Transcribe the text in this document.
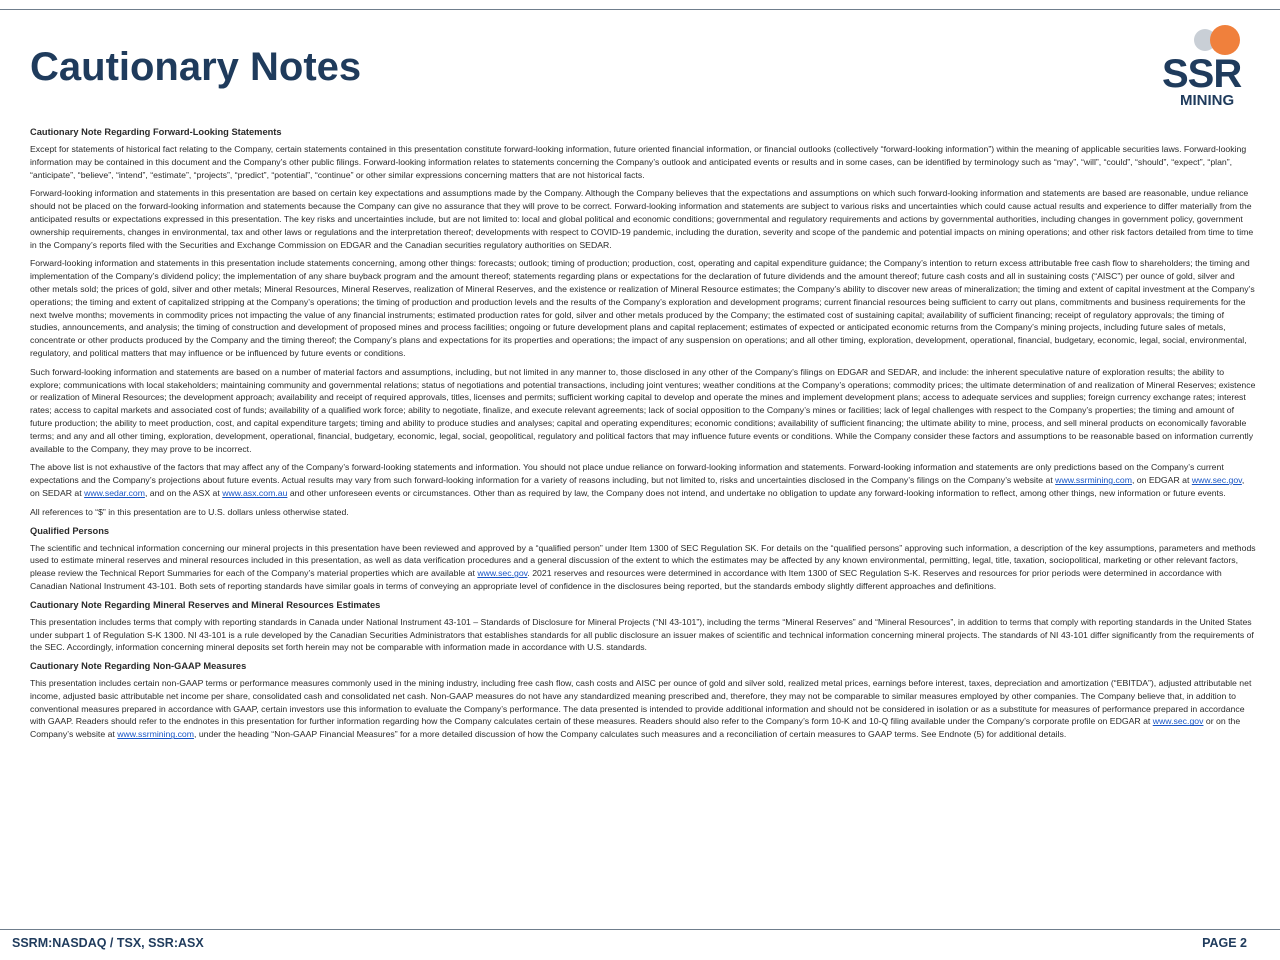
Cautionary Notes	SSR
MINING
Cautionary Note Regarding Forward-Looking Statements

Except for statements of historical fact relating to the Company, certain statements contained in this presentation constitute forward-looking information, future oriented financial information, or financial outlooks (collectively “forward-looking information”) within the meaning of applicable securities laws. Forward-looking information may be contained in this document and the Company’s other public filings. Forward-looking information relates to statements concerning the Company’s outlook and anticipated events or results and in some cases, can be identified by terminology such as “may”, “will”, “could”, “should”, “expect”, “plan”, “anticipate”, “believe”, “intend”, “estimate”, “projects”, “predict”, “potential”, “continue” or other similar expressions concerning matters that are not historical facts.

Forward-looking information and statements in this presentation are based on certain key expectations and assumptions made by the Company. Although the Company believes that the expectations and assumptions on which such forward-looking information and statements are based are reasonable, undue reliance should not be placed on the forward-looking information and statements because the Company can give no assurance that they will prove to be correct. Forward-looking information and statements are subject to various risks and uncertainties which could cause actual results and experience to differ materially from the anticipated results or expectations expressed in this presentation. The key risks and uncertainties include, but are not limited to: local and global political and economic conditions; governmental and regulatory requirements and actions by governmental authorities, including changes in government policy, government ownership requirements, changes in environmental, tax and other laws or regulations and the interpretation thereof; developments with respect to COVID-19 pandemic, including the duration, severity and scope of the pandemic and potential impacts on mining operations; and other risk factors detailed from time to time in the Company’s reports filed with the Securities and Exchange Commission on EDGAR and the Canadian securities regulatory authorities on SEDAR.

Forward-looking information and statements in this presentation include statements concerning, among other things: forecasts; outlook; timing of production; production, cost, operating and capital expenditure guidance; the Company’s intention to return excess attributable free cash flow to shareholders; the timing and implementation of the Company’s dividend policy; the implementation of any share buyback program and the amount thereof; statements regarding plans or expectations for the declaration of future dividends and the amount thereof; future cash costs and all in sustaining costs (“AISC”) per ounce of gold, silver and other metals sold; the prices of gold, silver and other metals; Mineral Resources, Mineral Reserves, realization of Mineral Reserves, and the existence or realization of Mineral Resource estimates; the Company’s ability to discover new areas of mineralization; the timing and extent of capital investment at the Company’s operations; the timing and extent of capitalized stripping at the Company’s operations; the timing of production and production levels and the results of the Company’s exploration and development programs; current financial resources being sufficient to carry out plans, commitments and business requirements for the next twelve months; movements in commodity prices not impacting the value of any financial instruments; estimated production rates for gold, silver and other metals produced by the Company; the estimated cost of sustaining capital; availability of sufficient financing; receipt of regulatory approvals; the timing of studies, announcements, and analysis; the timing of construction and development of proposed mines and process facilities; ongoing or future development plans and capital replacement; estimates of expected or anticipated economic returns from the Company’s mining projects, including future sales of metals, concentrate or other products produced by the Company and the timing thereof; the Company’s plans and expectations for its properties and operations; the impact of any suspension on operations; and all other timing, exploration, development, operational, financial, budgetary, economic, legal, social, environmental, regulatory, and political matters that may influence or be influenced by future events or conditions.

Such forward-looking information and statements are based on a number of material factors and assumptions, including, but not limited in any manner to, those disclosed in any other of the Company’s filings on EDGAR and SEDAR, and include: the inherent speculative nature of exploration results; the ability to explore; communications with local stakeholders; maintaining community and governmental relations; status of negotiations and potential transactions, including joint ventures; weather conditions at the Company’s operations; commodity prices; the ultimate determination of and realization of Mineral Reserves; existence or realization of Mineral Resources; the development approach; availability and receipt of required approvals, titles, licenses and permits; sufficient working capital to develop and operate the mines and implement development plans; access to adequate services and supplies; foreign currency exchange rates; interest rates; access to capital markets and associated cost of funds; availability of a qualified work force; ability to negotiate, finalize, and execute relevant agreements; lack of social opposition to the Company’s mines or facilities; lack of legal challenges with respect to the Company’s properties; the timing and amount of future production; the ability to meet production, cost, and capital expenditure targets; timing and ability to produce studies and analyses; capital and operating expenditures; economic conditions; availability of sufficient financing; the ultimate ability to mine, process, and sell mineral products on economically favorable terms; and any and all other timing, exploration, development, operational, financial, budgetary, economic, legal, social, geopolitical, regulatory and political factors that may influence future events or conditions. While the Company consider these factors and assumptions to be reasonable based on information currently available to the Company, they may prove to be incorrect.

The above list is not exhaustive of the factors that may affect any of the Company’s forward-looking statements and information. You should not place undue reliance on forward-looking information and statements. Forward-looking information and statements are only predictions based on the Company’s current expectations and the Company’s projections about future events. Actual results may vary from such forward-looking information for a variety of reasons including, but not limited to, risks and uncertainties disclosed in the Company’s filings on the Company’s website at www.ssrmining.com, on EDGAR at www.sec.gov, on SEDAR at www.sedar.com, and on the ASX at www.asx.com.au and other unforeseen events or circumstances. Other than as required by law, the Company does not intend, and undertake no obligation to update any forward-looking information to reflect, among other things, new information or future events.

All references to “$” in this presentation are to U.S. dollars unless otherwise stated.

Qualified Persons

The scientific and technical information concerning our mineral projects in this presentation have been reviewed and approved by a “qualified person” under Item 1300 of SEC Regulation SK. For details on the “qualified persons” approving such information, a description of the key assumptions, parameters and methods used to estimate mineral reserves and mineral resources included in this presentation, as well as data verification procedures and a general discussion of the extent to which the estimates may be affected by any known environmental, permitting, legal, title, taxation, sociopolitical, marketing or other relevant factors, please review the Technical Report Summaries for each of the Company’s material properties which are available at www.sec.gov. 2021 reserves and resources were determined in accordance with Item 1300 of SEC Regulation S-K. Reserves and resources for prior periods were determined in accordance with Canadian National Instrument 43-101. Both sets of reporting standards have similar goals in terms of conveying an appropriate level of confidence in the disclosures being reported, but the standards embody slightly different approaches and definitions.

Cautionary Note Regarding Mineral Reserves and Mineral Resources Estimates

This presentation includes terms that comply with reporting standards in Canada under National Instrument 43-101 – Standards of Disclosure for Mineral Projects (“NI 43-101”), including the terms “Mineral Reserves” and “Mineral Resources”, in addition to terms that comply with reporting standards in the United States under subpart 1 of Regulation S-K 1300. NI 43-101 is a rule developed by the Canadian Securities Administrators that establishes standards for all public disclosure an issuer makes of scientific and technical information concerning mineral projects. The standards of NI 43-101 differ significantly from the requirements of the SEC. Accordingly, information concerning mineral deposits set forth herein may not be comparable with information made in accordance with U.S. standards.

Cautionary Note Regarding Non-GAAP Measures

This presentation includes certain non-GAAP terms or performance measures commonly used in the mining industry, including free cash flow, cash costs and AISC per ounce of gold and silver sold, realized metal prices, earnings before interest, taxes, depreciation and amortization (“EBITDA”), adjusted attributable net income, adjusted basic attributable net income per share, consolidated cash and consolidated net cash. Non-GAAP measures do not have any standardized meaning prescribed and, therefore, they may not be comparable to similar measures employed by other companies. The Company believe that, in addition to conventional measures prepared in accordance with GAAP, certain investors use this information to evaluate the Company’s performance. The data presented is intended to provide additional information and should not be considered in isolation or as a substitute for measures of performance prepared in accordance with GAAP. Readers should refer to the endnotes in this presentation for further information regarding how the Company calculates certain of these measures. Readers should also refer to the Company’s form 10-K and 10-Q filing available under the Company’s corporate profile on EDGAR at www.sec.gov or on the Company’s website at www.ssrmining.com, under the heading “Non-GAAP Financial Measures” for a more detailed discussion of how the Company calculates such measures and a reconciliation of certain measures to GAAP terms. See Endnote (5) for additional details.

SSRM:NASDAQ / TSX, SSR:ASX	PAGE 2
